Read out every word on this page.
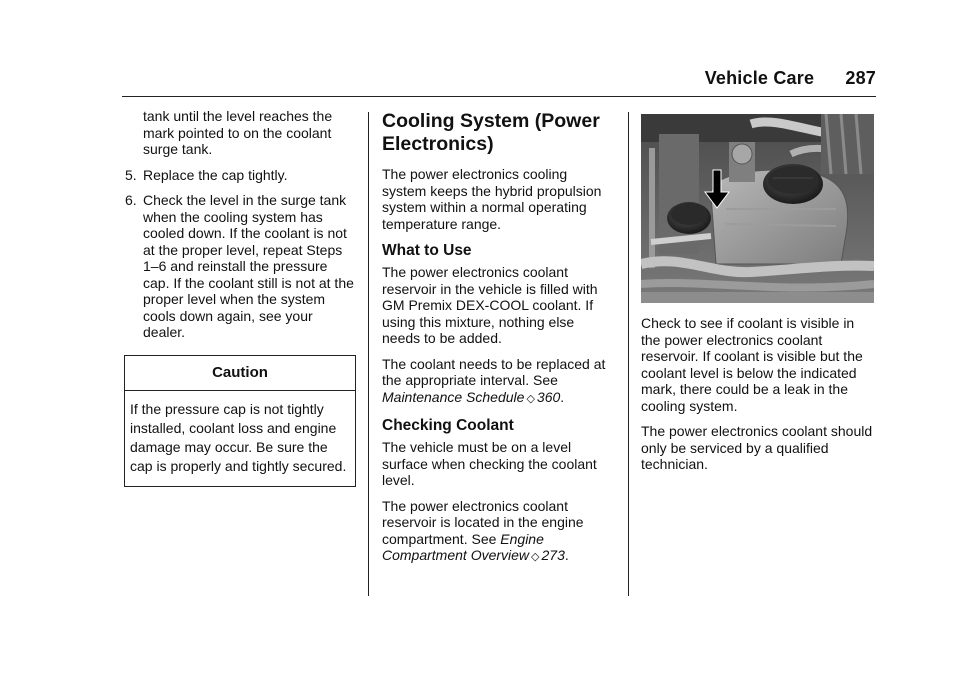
Vehicle Care 287

tank until the level reaches the mark pointed to on the coolant surge tank.

5. Replace the cap tightly.
6. Check the level in the surge tank when the cooling system has cooled down. If the coolant is not at the proper level, repeat Steps 1–6 and reinstall the pressure cap. If the coolant still is not at the proper level when the system cools down again, see your dealer.
Caution
If the pressure cap is not tightly installed, coolant loss and engine damage may occur. Be sure the cap is properly and tightly secured.
Cooling System (Power Electronics)

The power electronics cooling system keeps the hybrid propulsion system within a normal operating temperature range.

What to Use

The power electronics coolant reservoir in the vehicle is filled with GM Premix DEX-COOL coolant. If using this mixture, nothing else needs to be added.

The coolant needs to be replaced at the appropriate interval. See Maintenance Schedule ◇ 360.

Checking Coolant

The vehicle must be on a level surface when checking the coolant level.

The power electronics coolant reservoir is located in the engine compartment. See Engine Compartment Overview ◇ 273.

Check to see if coolant is visible in the power electronics coolant reservoir. If coolant is visible but the coolant level is below the indicated mark, there could be a leak in the cooling system.

The power electronics coolant should only be serviced by a qualified technician.
